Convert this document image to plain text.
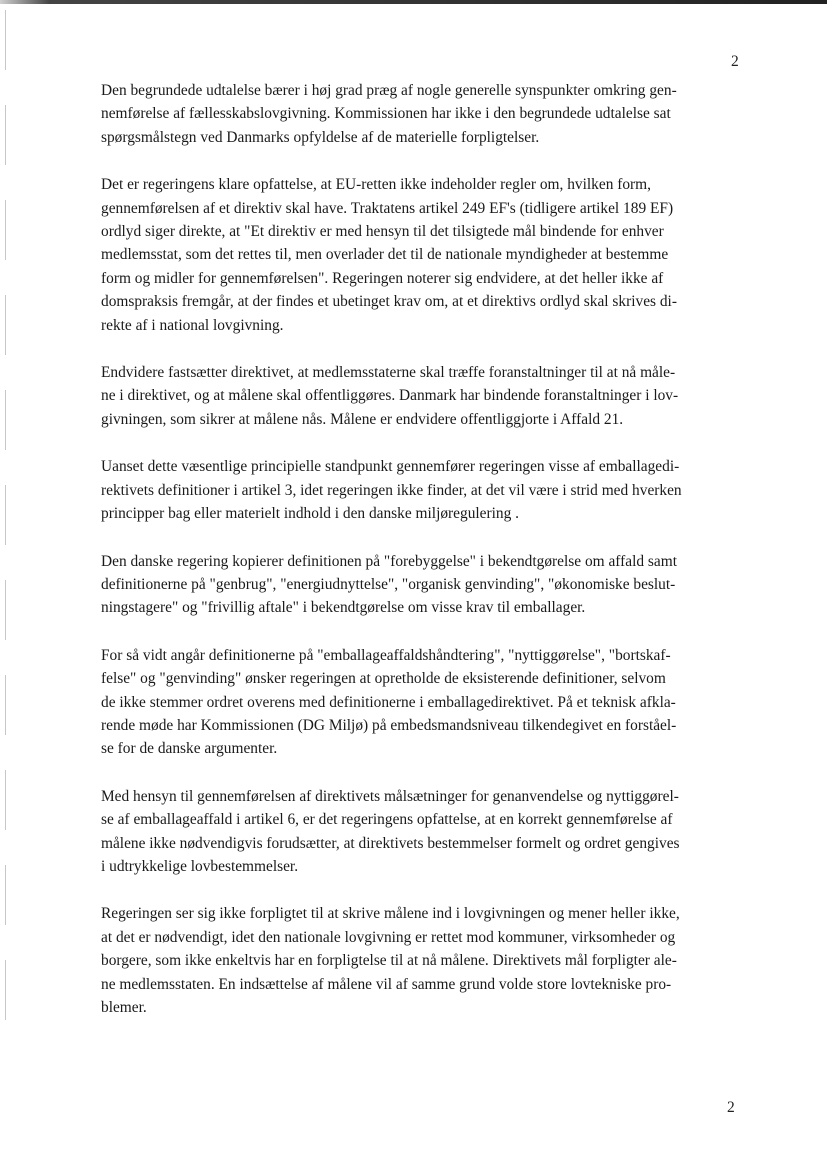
2

Den begrundede udtalelse bærer i høj grad præg af nogle generelle synspunkter omkring gen-
nemførelse af fællesskabslovgivning. Kommissionen har ikke i den begrundede udtalelse sat
spørgsmålstegn ved Danmarks opfyldelse af de materielle forpligtelser.

Det er regeringens klare opfattelse, at EU-retten ikke indeholder regler om, hvilken form,
gennemførelsen af et direktiv skal have. Traktatens artikel 249 EF's (tidligere artikel 189 EF)
ordlyd siger direkte, at "Et direktiv er med hensyn til det tilsigtede mål bindende for enhver
medlemsstat, som det rettes til, men overlader det til de nationale myndigheder at bestemme
form og midler for gennemførelsen". Regeringen noterer sig endvidere, at det heller ikke af
domspraksis fremgår, at der findes et ubetinget krav om, at et direktivs ordlyd skal skrives di-
rekte af i national lovgivning.

Endvidere fastsætter direktivet, at medlemsstaterne skal træffe foranstaltninger til at nå måle-
ne i direktivet, og at målene skal offentliggøres. Danmark har bindende foranstaltninger i lov-
givningen, som sikrer at målene nås. Målene er endvidere offentliggjorte i Affald 21.

Uanset dette væsentlige principielle standpunkt gennemfører regeringen visse af emballagedi-
rektivets definitioner i artikel 3, idet regeringen ikke finder, at det vil være i strid med hverken
principper bag eller materielt indhold i den danske miljøregulering .

Den danske regering kopierer definitionen på "forebyggelse" i bekendtgørelse om affald samt
definitionerne på "genbrug", "energiudnyttelse", "organisk genvinding", "økonomiske beslut-
ningstagere" og "frivillig aftale" i bekendtgørelse om visse krav til emballager.

For så vidt angår definitionerne på "emballageaffaldshåndtering", "nyttiggørelse", "bortskaf-
felse" og "genvinding" ønsker regeringen at opretholde de eksisterende definitioner, selvom
de ikke stemmer ordret overens med definitionerne i emballagedirektivet. På et teknisk afkla-
rende møde har Kommissionen (DG Miljø) på embedsmandsniveau tilkendegivet en forståel-
se for de danske argumenter.

Med hensyn til gennemførelsen af direktivets målsætninger for genanvendelse og nyttiggørel-
se af emballageaffald i artikel 6, er det regeringens opfattelse, at en korrekt gennemførelse af
målene ikke nødvendigvis forudsætter, at direktivets bestemmelser formelt og ordret gengives
i udtrykkelige lovbestemmelser.

Regeringen ser sig ikke forpligtet til at skrive målene ind i lovgivningen og mener heller ikke,
at det er nødvendigt, idet den nationale lovgivning er rettet mod kommuner, virksomheder og
borgere, som ikke enkeltvis har en forpligtelse til at nå målene. Direktivets mål forpligter ale-
ne medlemsstaten. En indsættelse af målene vil af samme grund volde store lovtekniske pro-
blemer.

2
